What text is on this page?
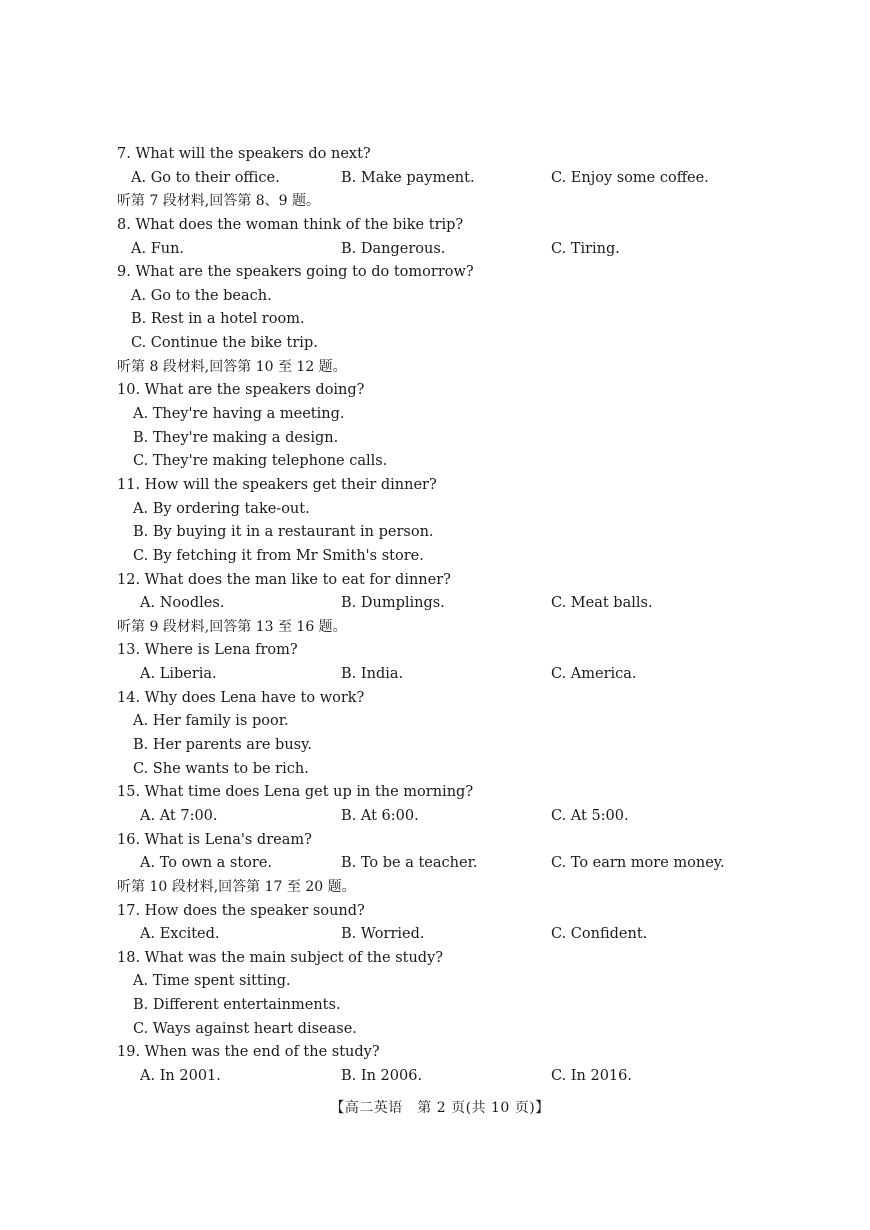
7. What will the speakers do next?
A. Go to their office.	B. Make payment.	C. Enjoy some coffee.
听第 7 段材料,回答第 8、9 题。
8. What does the woman think of the bike trip?
A. Fun.	B. Dangerous.	C. Tiring.
9. What are the speakers going to do tomorrow?
A. Go to the beach.
B. Rest in a hotel room.
C. Continue the bike trip.
听第 8 段材料,回答第 10 至 12 题。
10. What are the speakers doing?
A. They're having a meeting.
B. They're making a design.
C. They're making telephone calls.
11. How will the speakers get their dinner?
A. By ordering take-out.
B. By buying it in a restaurant in person.
C. By fetching it from Mr Smith's store.
12. What does the man like to eat for dinner?
A. Noodles.	B. Dumplings.	C. Meat balls.
听第 9 段材料,回答第 13 至 16 题。
13. Where is Lena from?
A. Liberia.	B. India.	C. America.
14. Why does Lena have to work?
A. Her family is poor.
B. Her parents are busy.
C. She wants to be rich.
15. What time does Lena get up in the morning?
A. At 7:00.	B. At 6:00.	C. At 5:00.
16. What is Lena's dream?
A. To own a store.	B. To be a teacher.	C. To earn more money.
听第 10 段材料,回答第 17 至 20 题。
17. How does the speaker sound?
A. Excited.	B. Worried.	C. Confident.
18. What was the main subject of the study?
A. Time spent sitting.
B. Different entertainments.
C. Ways against heart disease.
19. When was the end of the study?
A. In 2001.	B. In 2006.	C. In 2016.
【高二英语　第 2 页(共 10 页)】
